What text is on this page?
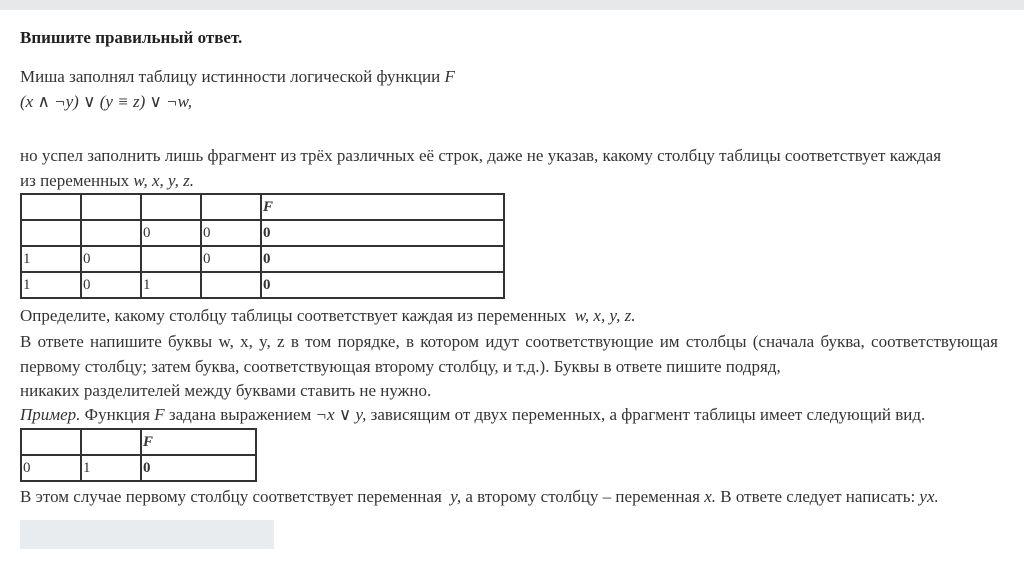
Впишите правильный ответ.
Миша заполнял таблицу истинности логической функции F
(x ∧ ¬y) ∨ (y ≡ z) ∨ ¬w,
но успел заполнить лишь фрагмент из трёх различных её строк, даже не указав, какому столбцу таблицы соответствует каждая
из переменных w, x, y, z.
				F
		0	0	0
1	0		0	0
1	0	1		0
Определите, какому столбцу таблицы соответствует каждая из переменных w, x, y, z.
В ответе напишите буквы w, x, y, z в том порядке, в котором идут соответствующие им столбцы (сначала буква, соответствующая первому столбцу; затем буква, соответствующая второму столбцу, и т.д.). Буквы в ответе пишите подряд,
никаких разделителей между буквами ставить не нужно.
Пример. Функция F задана выражением ¬x ∨ y, зависящим от двух переменных, а фрагмент таблицы имеет следующий вид.
		F
0	1	0
В этом случае первому столбцу соответствует переменная y, а второму столбцу – переменная x. В ответе следует написать: yx.
